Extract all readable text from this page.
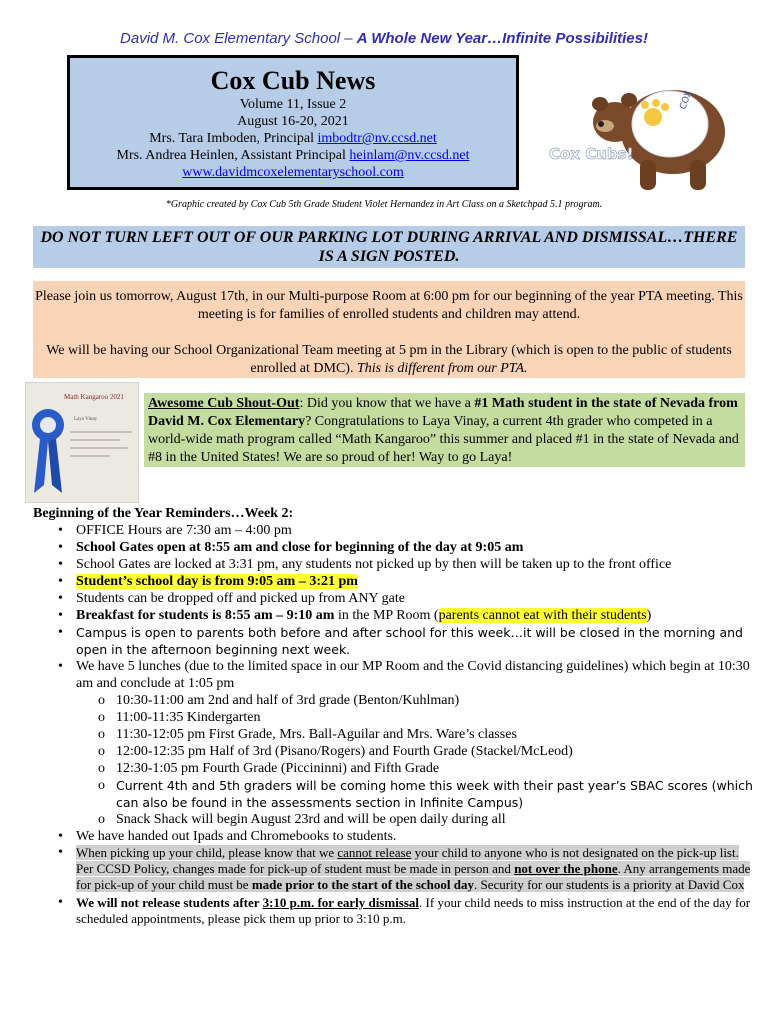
David M. Cox Elementary School – A Whole New Year…Infinite Possibilities!
Cox Cub News
Volume 11, Issue 2
August 16-20, 2021
Mrs. Tara Imboden, Principal imbodtr@nv.ccsd.net
Mrs. Andrea Heinlen, Assistant Principal heinlam@nv.ccsd.net
www.davidmcoxelementaryschool.com
COX
Cox Cubs!
*Graphic created by Cox Cub 5th Grade Student Violet Hernandez in Art Class on a Sketchpad 5.1 program.
DO NOT TURN LEFT OUT OF OUR PARKING LOT DURING ARRIVAL AND DISMISSAL…THERE IS A SIGN POSTED.
Please join us tomorrow, August 17th, in our Multi-purpose Room at 6:00 pm for our beginning of the year PTA meeting. This meeting is for families of enrolled students and children may attend.
We will be having our School Organizational Team meeting at 5 pm in the Library (which is open to the public of students enrolled at DMC). This is different from our PTA.
Math Kangaroo 2021
Laya Vinay
Awesome Cub Shout-Out: Did you know that we have a #1 Math student in the state of Nevada from David M. Cox Elementary? Congratulations to Laya Vinay, a current 4th grader who competed in a world-wide math program called “Math Kangaroo” this summer and placed #1 in the state of Nevada and #8 in the United States! We are so proud of her! Way to go Laya!
Beginning of the Year Reminders…Week 2:
• OFFICE Hours are 7:30 am – 4:00 pm
• School Gates open at 8:55 am and close for beginning of the day at 9:05 am
• School Gates are locked at 3:31 pm, any students not picked up by then will be taken up to the front office
• Student’s school day is from 9:05 am – 3:21 pm
• Students can be dropped off and picked up from ANY gate
• Breakfast for students is 8:55 am – 9:10 am in the MP Room (parents cannot eat with their students)
• Campus is open to parents both before and after school for this week…it will be closed in the morning and open in the afternoon beginning next week.
• We have 5 lunches (due to the limited space in our MP Room and the Covid distancing guidelines) which begin at 10:30 am and conclude at 1:05 pm
o 10:30-11:00 am 2nd and half of 3rd grade (Benton/Kuhlman)
o 11:00-11:35 Kindergarten
o 11:30-12:05 pm First Grade, Mrs. Ball-Aguilar and Mrs. Ware’s classes
o 12:00-12:35 pm Half of 3rd (Pisano/Rogers) and Fourth Grade (Stackel/McLeod)
o 12:30-1:05 pm Fourth Grade (Piccininni) and Fifth Grade
o Current 4th and 5th graders will be coming home this week with their past year’s SBAC scores (which can also be found in the assessments section in Infinite Campus)
o Snack Shack will begin August 23rd and will be open daily during all
• We have handed out Ipads and Chromebooks to students.
• When picking up your child, please know that we cannot release your child to anyone who is not designated on the pick-up list. Per CCSD Policy, changes made for pick-up of student must be made in person and not over the phone. Any arrangements made for pick-up of your child must be made prior to the start of the school day. Security for our students is a priority at David Cox
• We will not release students after 3:10 p.m. for early dismissal. If your child needs to miss instruction at the end of the day for scheduled appointments, please pick them up prior to 3:10 p.m.
